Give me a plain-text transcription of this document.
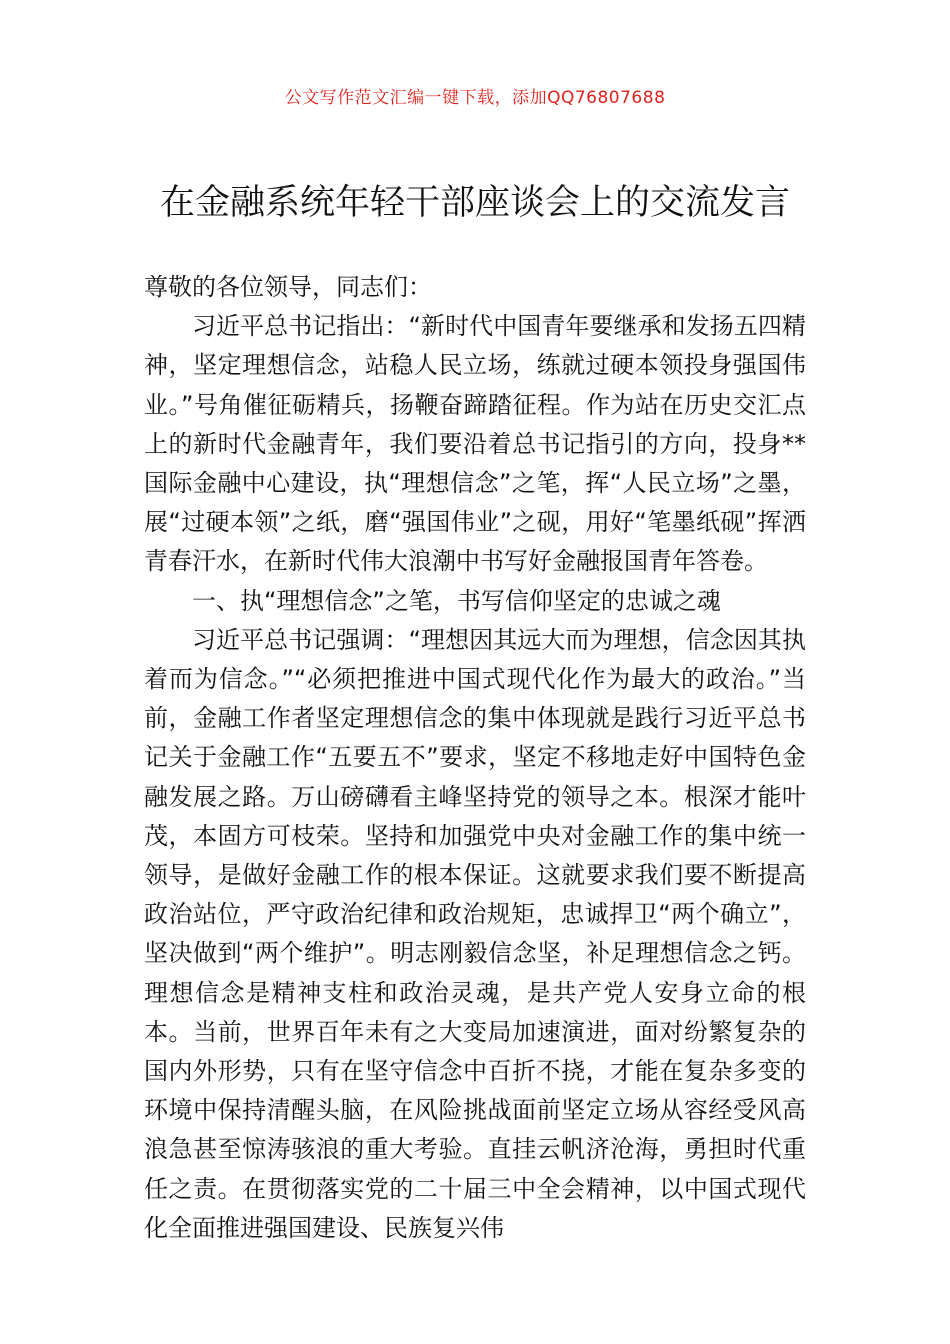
公文写作范文汇编一键下载，添加QQ76807688
在金融系统年轻干部座谈会上的交流发言

尊敬的各位领导，同志们：

习近平总书记指出：“新时代中国青年要继承和发扬五四精神，坚定理想信念，站稳人民立场，练就过硬本领投身强国伟业。”号角催征砺精兵，扬鞭奋蹄踏征程。作为站在历史交汇点上的新时代金融青年，我们要沿着总书记指引的方向，投身**国际金融中心建设，执“理想信念”之笔，挥“人民立场”之墨，展“过硬本领”之纸，磨“强国伟业”之砚，用好“笔墨纸砚”挥洒青春汗水，在新时代伟大浪潮中书写好金融报国青年答卷。

一、执“理想信念”之笔，书写信仰坚定的忠诚之魂

习近平总书记强调：“理想因其远大而为理想，信念因其执着而为信念。”“必须把推进中国式现代化作为最大的政治。”当前，金融工作者坚定理想信念的集中体现就是践行习近平总书记关于金融工作“五要五不”要求，坚定不移地走好中国特色金融发展之路。万山磅礴看主峰坚持党的领导之本。根深才能叶茂，本固方可枝荣。坚持和加强党中央对金融工作的集中统一领导，是做好金融工作的根本保证。这就要求我们要不断提高政治站位，严守政治纪律和政治规矩，忠诚捍卫“两个确立”，坚决做到“两个维护”。明志刚毅信念坚，补足理想信念之钙。理想信念是精神支柱和政治灵魂，是共产党人安身立命的根本。当前，世界百年未有之大变局加速演进，面对纷繁复杂的国内外形势，只有在坚守信念中百折不挠，才能在复杂多变的环境中保持清醒头脑，在风险挑战面前坚定立场从容经受风高浪急甚至惊涛骇浪的重大考验。直挂云帆济沧海，勇担时代重任之责。在贯彻落实党的二十届三中全会精神，以中国式现代化全面推进强国建设、民族复兴伟
